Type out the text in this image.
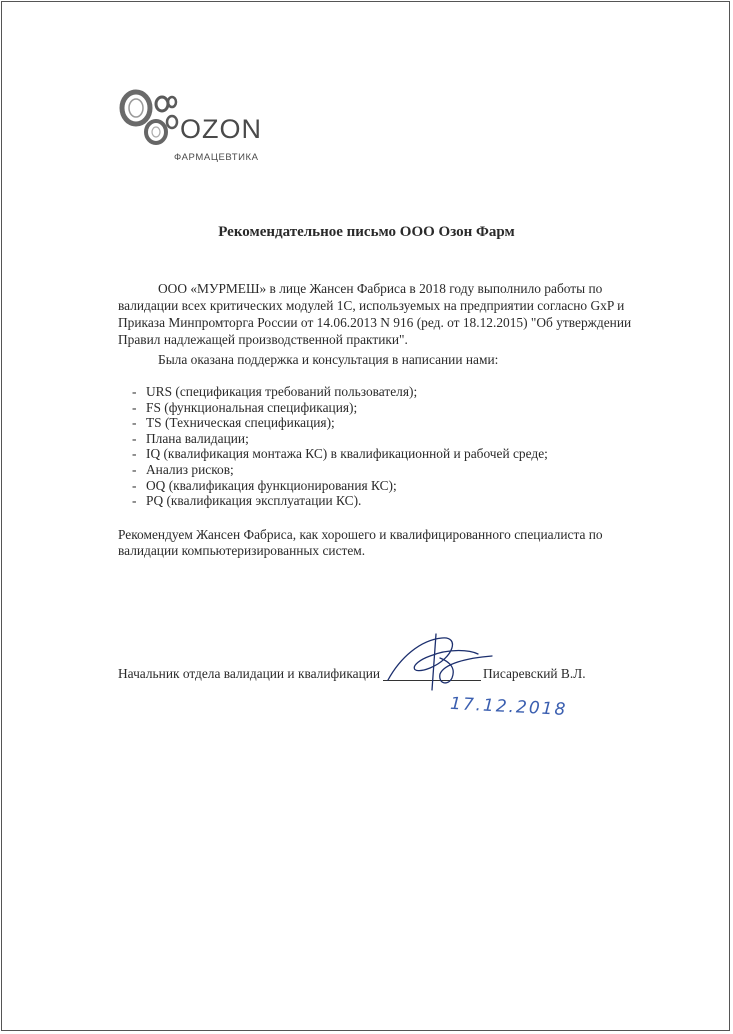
OZON
ФАРМАЦЕВТИКА
Рекомендательное письмо ООО Озон Фарм

ООО «МУРМЕШ» в лице Жансен Фабриса в 2018 году выполнило работы по валидации всех критических модулей 1С, используемых на предприятии согласно GxP и Приказа Минпромторга России от 14.06.2013 N 916 (ред. от 18.12.2015) "Об утверждении Правил надлежащей производственной практики".

Была оказана поддержка и консультация в написании нами:
- URS (спецификация требований пользователя);
- FS (функциональная спецификация);
- TS (Техническая спецификация);
- Плана валидации;
- IQ (квалификация монтажа КС) в квалификационной и рабочей среде;
- Анализ рисков;
- OQ (квалификация функционирования КС);
- PQ (квалификация эксплуатации КС).
Рекомендуем Жансен Фабриса, как хорошего и квалифицированного специалиста по валидации компьютеризированных систем.
Начальник отдела валидации и квалификации	Писаревский В.Л.
17.12.2018
